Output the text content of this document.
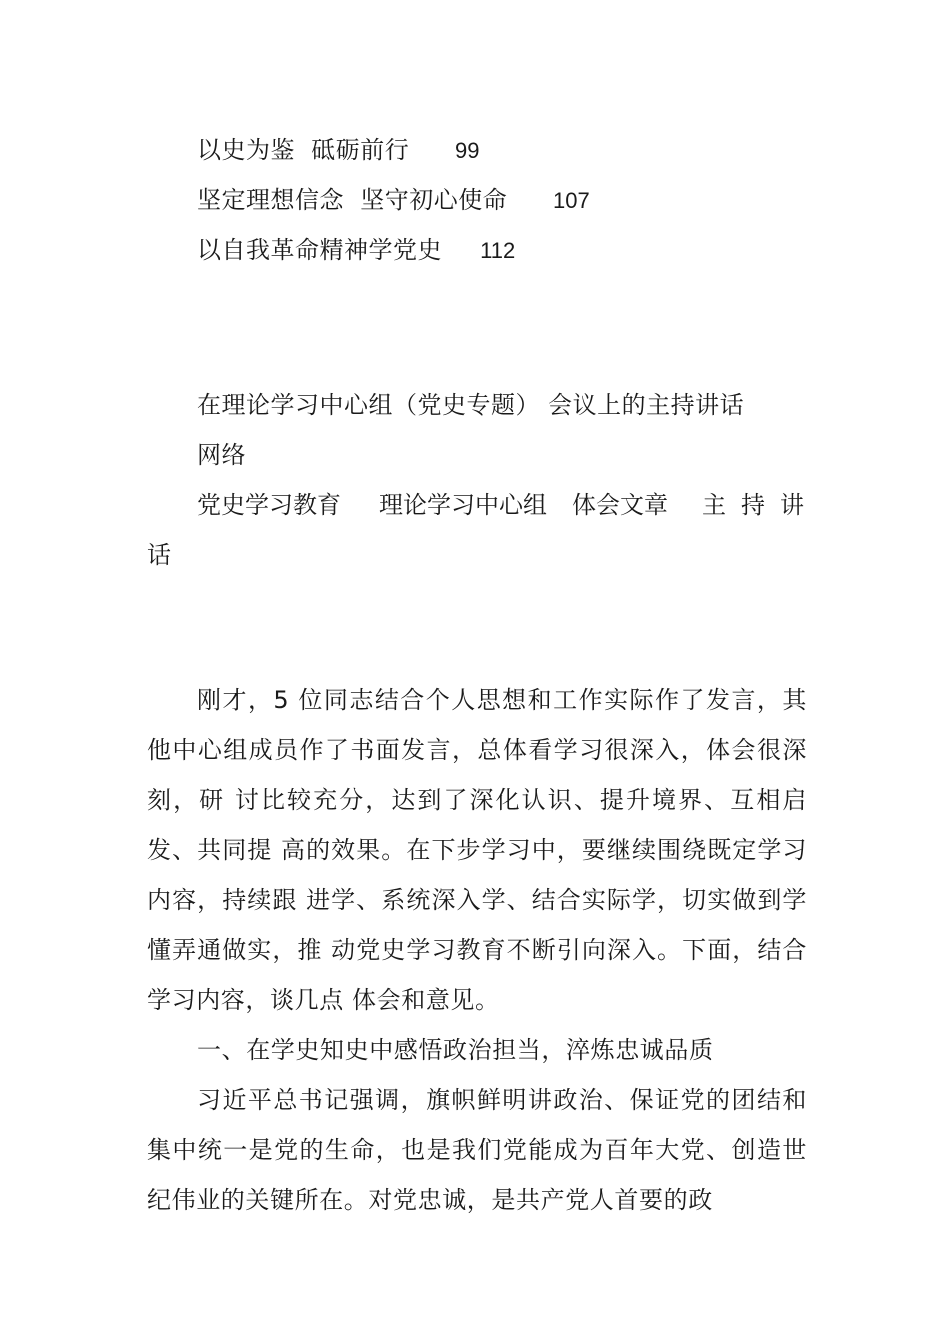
以史为鉴  砥砺前行 99
坚定理想信念  坚守初心使命 107
以自我革命精神学党史 112
在理论学习中心组（党史专题） 会议上的主持讲话
网络
党史学习教育 理论学习中心组 体会文章 主持讲
话

刚才，5 位同志结合个人思想和工作实际作了发言，其他中心组成员作了书面发言，总体看学习很深入，体会很深刻，研 讨比较充分，达到了深化认识、提升境界、互相启发、共同提 高的效果。在下步学习中，要继续围绕既定学习内容，持续跟 进学、系统深入学、结合实际学，切实做到学懂弄通做实，推 动党史学习教育不断引向深入。下面，结合学习内容，谈几点 体会和意见。

一、在学史知史中感悟政治担当，淬炼忠诚品质

习近平总书记强调，旗帜鲜明讲政治、保证党的团结和集中统一是党的生命，也是我们党能成为百年大党、创造世纪伟业的关键所在。对党忠诚，是共产党人首要的政
